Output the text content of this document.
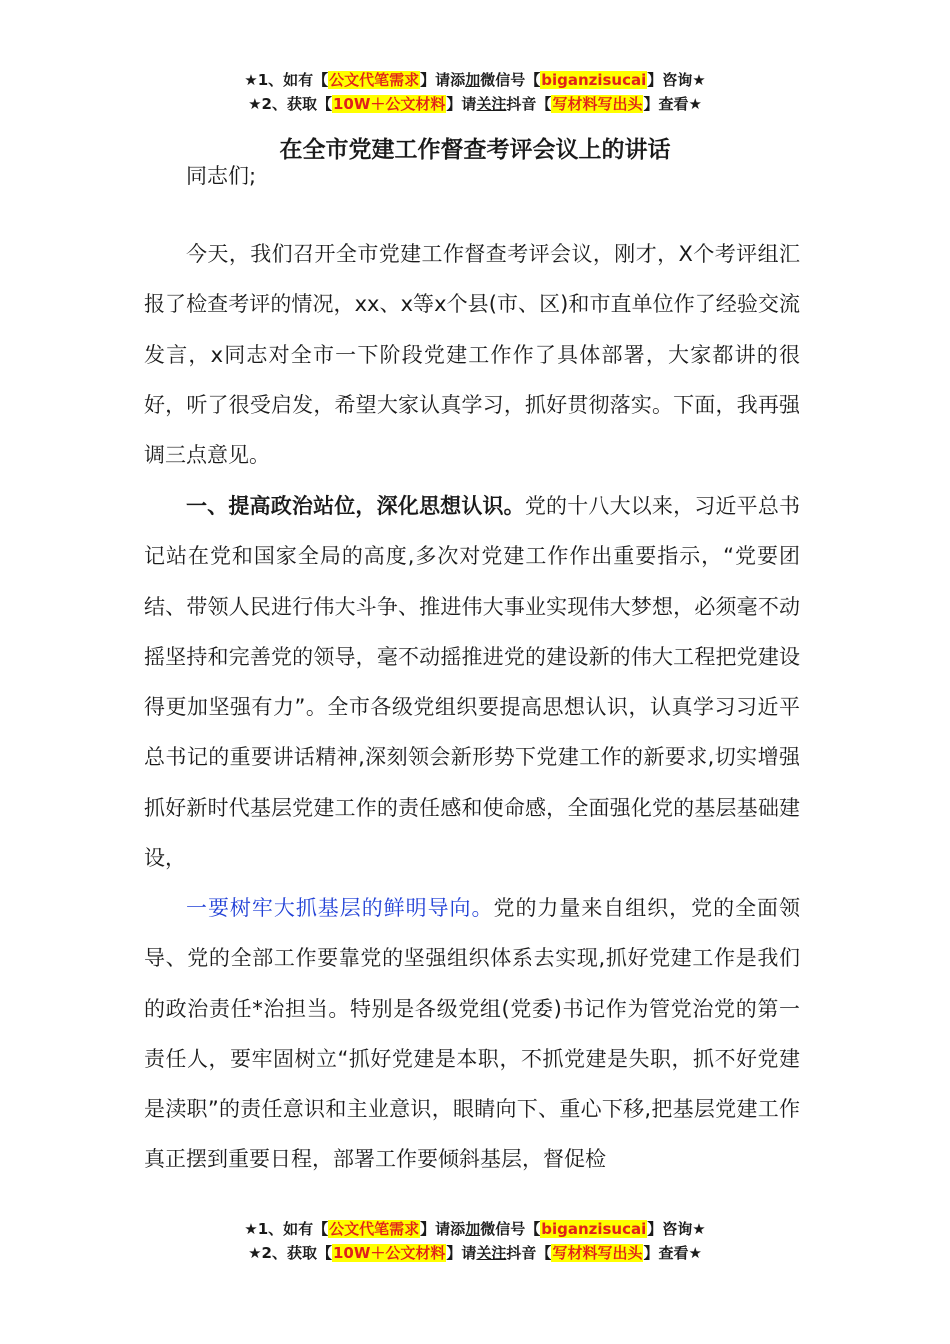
★1、如有【公文代笔需求】请添加微信号【biganzisucai】咨询★
★2、获取【10W＋公文材料】请关注抖音【写材料写出头】查看★
在全市党建工作督查考评会议上的讲话

同志们;

今天，我们召开全市党建工作督查考评会议，刚才，X个考评组汇报了检查考评的情况，xx、x等x个县(市、区)和市直单位作了经验交流发言，x同志对全市一下阶段党建工作作了具体部署，大家都讲的很好，听了很受启发，希望大家认真学习，抓好贯彻落实。下面，我再强调三点意见。

一、提高政治站位，深化思想认识。党的十八大以来，习近平总书记站在党和国家全局的高度,多次对党建工作作出重要指示，“党要团结、带领人民进行伟大斗争、推进伟大事业实现伟大梦想，必须毫不动摇坚持和完善党的领导，毫不动摇推进党的建设新的伟大工程把党建设得更加坚强有力”。全市各级党组织要提高思想认识，认真学习习近平总书记的重要讲话精神,深刻领会新形势下党建工作的新要求,切实增强抓好新时代基层党建工作的责任感和使命感，全面强化党的基层基础建设，

一要树牢大抓基层的鲜明导向。党的力量来自组织，党的全面领导、党的全部工作要靠党的坚强组织体系去实现,抓好党建工作是我们的政治责任*治担当。特别是各级党组(党委)书记作为管党治党的第一责任人，要牢固树立“抓好党建是本职，不抓党建是失职，抓不好党建是渎职”的责任意识和主业意识，眼睛向下、重心下移,把基层党建工作真正摆到重要日程，部署工作要倾斜基层，督促检

★1、如有【公文代笔需求】请添加微信号【biganzisucai】咨询★
★2、获取【10W＋公文材料】请关注抖音【写材料写出头】查看★
